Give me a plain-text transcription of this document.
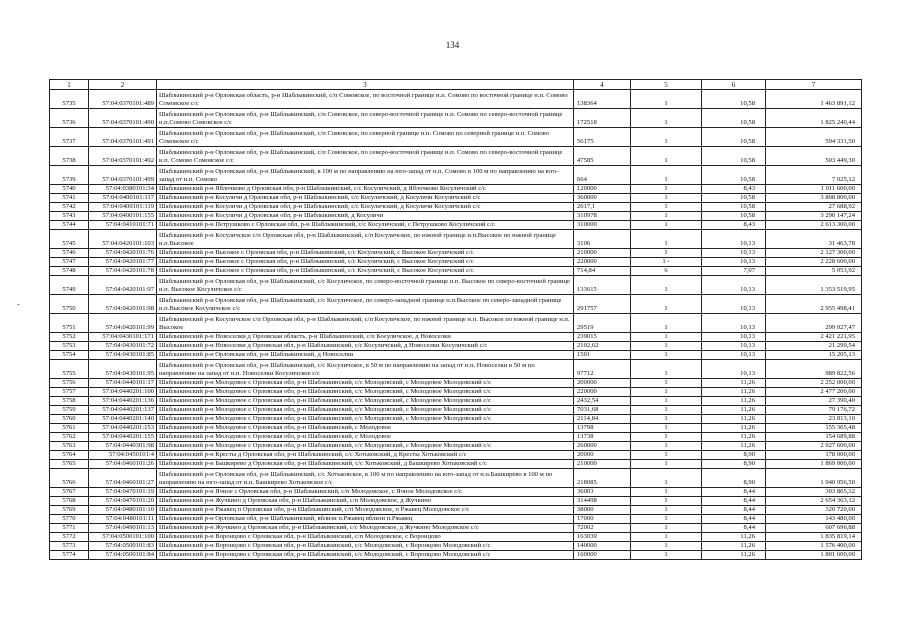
134
-
1	2	3	4	5	6	7
5735	57:04:0370101:489	Шаблыкинский р-н Орловская область, р-н Шаблыкинский, с/п Сомовское, по восточной границе н.п. Сомово по восточной границе н.п. Сомово Сомовское с/с	138364	1	10,58	1 463 891,12
5736	57:04:0370101:490	Шаблыкинский р-н Орловская обл, р-н Шаблыкинский, с/п Сомовское, по северо-восточной границе н.п. Сомово по северо-восточной границе н.п.Сомово Сомовское с/с	172518	1	10,58	1 825 240,44
5737	57:04:0370101:491	Шаблыкинский р-н Орловская обл, р-н Шаблыкинский, с/п Сомовское, по северной границе н.п. Сомово по северной границе н.п. Сомово Сомовское с/с	56175	1	10,58	594 331,50
5738	57:04:0370101:492	Шаблыкинский р-н Орловская обл, р-н Шаблыкинский, с/п Сомовское, по северо-восточной границе н.п. Сомово по северо-восточной границе н.п. Сомово Сомовское с/с	47585	1	10,58	503 449,30
5739	57:04:0370101:499	Шаблыкинский р-н Орловская обл, р-н Шаблыкинский, в 100 м по направлению на юго-запад от н.п. Сомово в 100 м по направлению на юго-запад от н.п. Сомово	664	1	10,58	7 025,12
5740	57:04:0380101:34	Шаблыкинский р-н Яблочково д Орловская обл, р-н Шаблыкинский, с/с Косуличский, д Яблочково Косуличский с/с	120000	1	8,43	1 011 600,00
5741	57:04:0400101:117	Шаблыкинский р-н Косуличи д Орловская обл, р-н Шаблыкинский, с/с Косуличский, д Косуличи Косуличский с/с	360000	1	10,58	3 808 800,00
5742	57:04:0400101:119	Шаблыкинский р-н Косуличи д Орловская обл, р-н Шаблыкинский, с/с Косуличский, д Косуличи Косуличский с/с	2617,1	1	10,58	27 688,92
5743	57:04:0400101:155	Шаблыкинский р-н Косуличи д Орловская обл, р-н Шаблыкинский, д Косуличи	310978	1	10,58	3 290 147,24
5744	57:04:0410101:71	Шаблыкинский р-н Петрушково с Орловская обл, р-н Шаблыкинский, с/с Косуличский, с Петрушково Косуличский с/с	310000	1	8,43	2 613 300,00
5745	57:04:0420101:103	Шаблыкинский р-н Косуличское с/п Орловская обл, р-н Шаблыкинский, с/п Косуличское, по южной границе н.п.Высокое по южной границе н.п.Высокое	3106	1	10,13	31 463,78
5746	57:04:0420101:76	Шаблыкинский р-н Высокое с Орловская обл, р-н Шаблыкинский, с/с Косуличский, с Высокое Косуличский с/с	210000	1	10,13	2 127 300,00
5747	57:04:0420101:77	Шаблыкинский р-н Высокое с Орловская обл, р-н Шаблыкинский, с/с Косуличский, с Высокое Косуличский с/с	220000	1 -	10,13	2 228 600,00
5748	57:04:0420101:78	Шаблыкинский р-н Высокое с Орловская обл, р-н Шаблыкинский, с/с Косуличский, с Высокое Косуличский с/с	714,84	6	7,07	5 053,92
5749	57:04:0420101:97	Шаблыкинский р-н Орловская обл, р-н Шаблыкинский, с/с Косуличское, по северо-восточной границе н.п. Высокое по северо-восточной границе н.п. Высокое Косуличское с/с	133615	1	10,13	1 353 519,95
5750	57:04:0420101:98	Шаблыкинский р-н Орловская обл, р-н Шаблыкинский, с/с Косуличское, по северо-западной границе н.п.Высокое по северо-западной границе н.п.Высокое Косуличское с/с	291757	1	10,13	2 955 498,41
5751	57:04:0420101:99	Шаблыкинский р-н Косуличское с/п Орловская обл, р-н Шаблыкинский, с/п Косуличское, по южной границе н.п. Высокое по южной границе н.п. Высокое	29519	1	10,13	299 027,47
5752	57:04:0430101:171	Шаблыкинский р-н Новоселки д Орловская область, р-н Шаблыкинский, с/п Косуличское, д Новоселки	239015	1	10,13	2 421 221,95
5753	57:04:0430101:72	Шаблыкинский р-н Новоселки д Орловская обл, р-н Шаблыкинский, с/с Косуличский, д Новоселки Косуличский с/с	2102,62	1	10,13	21 299,54
5754	57:04:0430101:85	Шаблыкинский р-н Орловская обл, р-н Шаблыкинский, д Новоселки	1501	1	10,13	15 205,13
5755	57:04:0430101:95	Шаблыкинский р-н Орловская обл, р-н Шаблыкинский, с/с Косуличское, в 50 м по направлению на запад от н.п. Новоселки в 50 м по направлению на запад от н.п. Новоселки Косуличское с/с	97712	1	10,13	989 822,56
5756	57:04:0440101:17	Шаблыкинский р-н Молодовое с Орловская обл, р-н Шаблыкинский, с/с Молодовский, с Молодовое Молодовский с/с	200000	1	11,26	2 252 000,00
5757	57:04:0440201:100	Шаблыкинский р-н Молодовое с Орловская обл, р-н Шаблыкинский, с/с Молодовский, с Молодовое Молодовский с/с	220000	1	11,26	2 477 200,00
5758	57:04:0440201:136	Шаблыкинский р-н Молодовое с Орловская обл, р-н Шаблыкинский, с/с Молодовский, с Молодовое Молодовский с/с	2432,54	1	11,26	27 390,40
5759	57:04:0440201:137	Шаблыкинский р-н Молодовое с Орловская обл, р-н Шаблыкинский, с/с Молодовский, с Молодовое Молодовский с/с	7031,68	1	11,26	79 176,72
5760	57:04:0440201:140	Шаблыкинский р-н Молодовое с Орловская обл, р-н Шаблыкинский, с/с Молодовский, с Молодовое Молодовский с/с	2114,84	1	11,26	23 813,10
5761	57:04:0440201:153	Шаблыкинский р-н Молодовое с Орловская обл, р-н Шаблыкинский, с Молодовое	13798	1	11,26	155 365,48
5762	57:04:0440201:155	Шаблыкинский р-н Молодовое с Орловская обл, р-н Шаблыкинский, с Молодовое	13738	1	11,26	154 689,88
5763	57:04:0440301:98	Шаблыкинский р-н Молодовое с Орловская обл, р-н Шаблыкинский, с/с Молодовский, с Молодовое Молодовский с/с	260000	1	11,26	2 927 600,00
5764	57:04:0450101:4	Шаблыкинский р-н Кресты д Орловская обл, р-н Шаблыкинский, с/с Хотьковский, д Кресты Хотьковский с/с	20000	1	8,90	178 000,00
5765	57:04:0460101:26	Шаблыкинский р-н Башкирево д Орловская обл, р-н Шаблыкинский, с/с Хотьковский, д Башкирево Хотьковский с/с	210000	1	8,90	1 869 000,00
5766	57:04:0460101:27	Шаблыкинский р-н Орловская обл, р-н Шаблыкинский, с/с Хотьковское, в 100 м по направлению на юго-запад от н.п.Башкирево в 100 м по направлению на юго-запад от н.п. Башкирево Хотьковское с/с	218085	1	8,90	1 940 956,50
5767	57:04:0470101:19	Шаблыкинский р-н Ячное с Орловская обл, р-н Шаблыкинский, с/п Молодовское, с Ячное Молодовское с/с	36003	1	8,44	303 865,32
5768	57:04:0470101:20	Шаблыкинский р-н Жучкино д Орловская обл, р-н Шаблыкинский, с/п Молодовское, д Жучкино	314498	1	8,44	2 654 363,12
5769	57:04:0480101:10	Шаблыкинский р-н Ржавец п Орловская обл, р-н Шаблыкинский, с/п Молодовское, п Ржавец Молодовское с/с	38000	1	8,44	320 720,00
5770	57:04:0480101:11	Шаблыкинский р-н Орловская обл, р-н Шаблыкинский, вблизи п.Ржавец вблизи п.Ржавец	17000	1	8,44	143 480,00
5771	57:04:0490101:13	Шаблыкинский р-н Жучкино д Орловская обл, р-н Шаблыкинский, с/с Молодовское, д Жучкино Молодовское с/с	72002	1	8,44	607 696,88
5772	57:04:0500101:100	Шаблыкинский р-н Воронцово с Орловская обл, р-н Шаблыкинский, с/п Молодовское, с Воронцово	163039	1	11,26	1 835 819,14
5773	57:04:0500101:83	Шаблыкинский р-н Воронцово с Орловская обл, р-н Шаблыкинский, с/с Молодовский, с Воронцово Молодовский с/с	140000	1	11,26	1 576 400,00
5774	57:04:0500101:84	Шаблыкинский р-н Воронцово с Орловская обл, р-н Шаблыкинский, с/с Молодовский, с Воронцово Молодовский с/с	160000	1	11,26	1 801 600,00
